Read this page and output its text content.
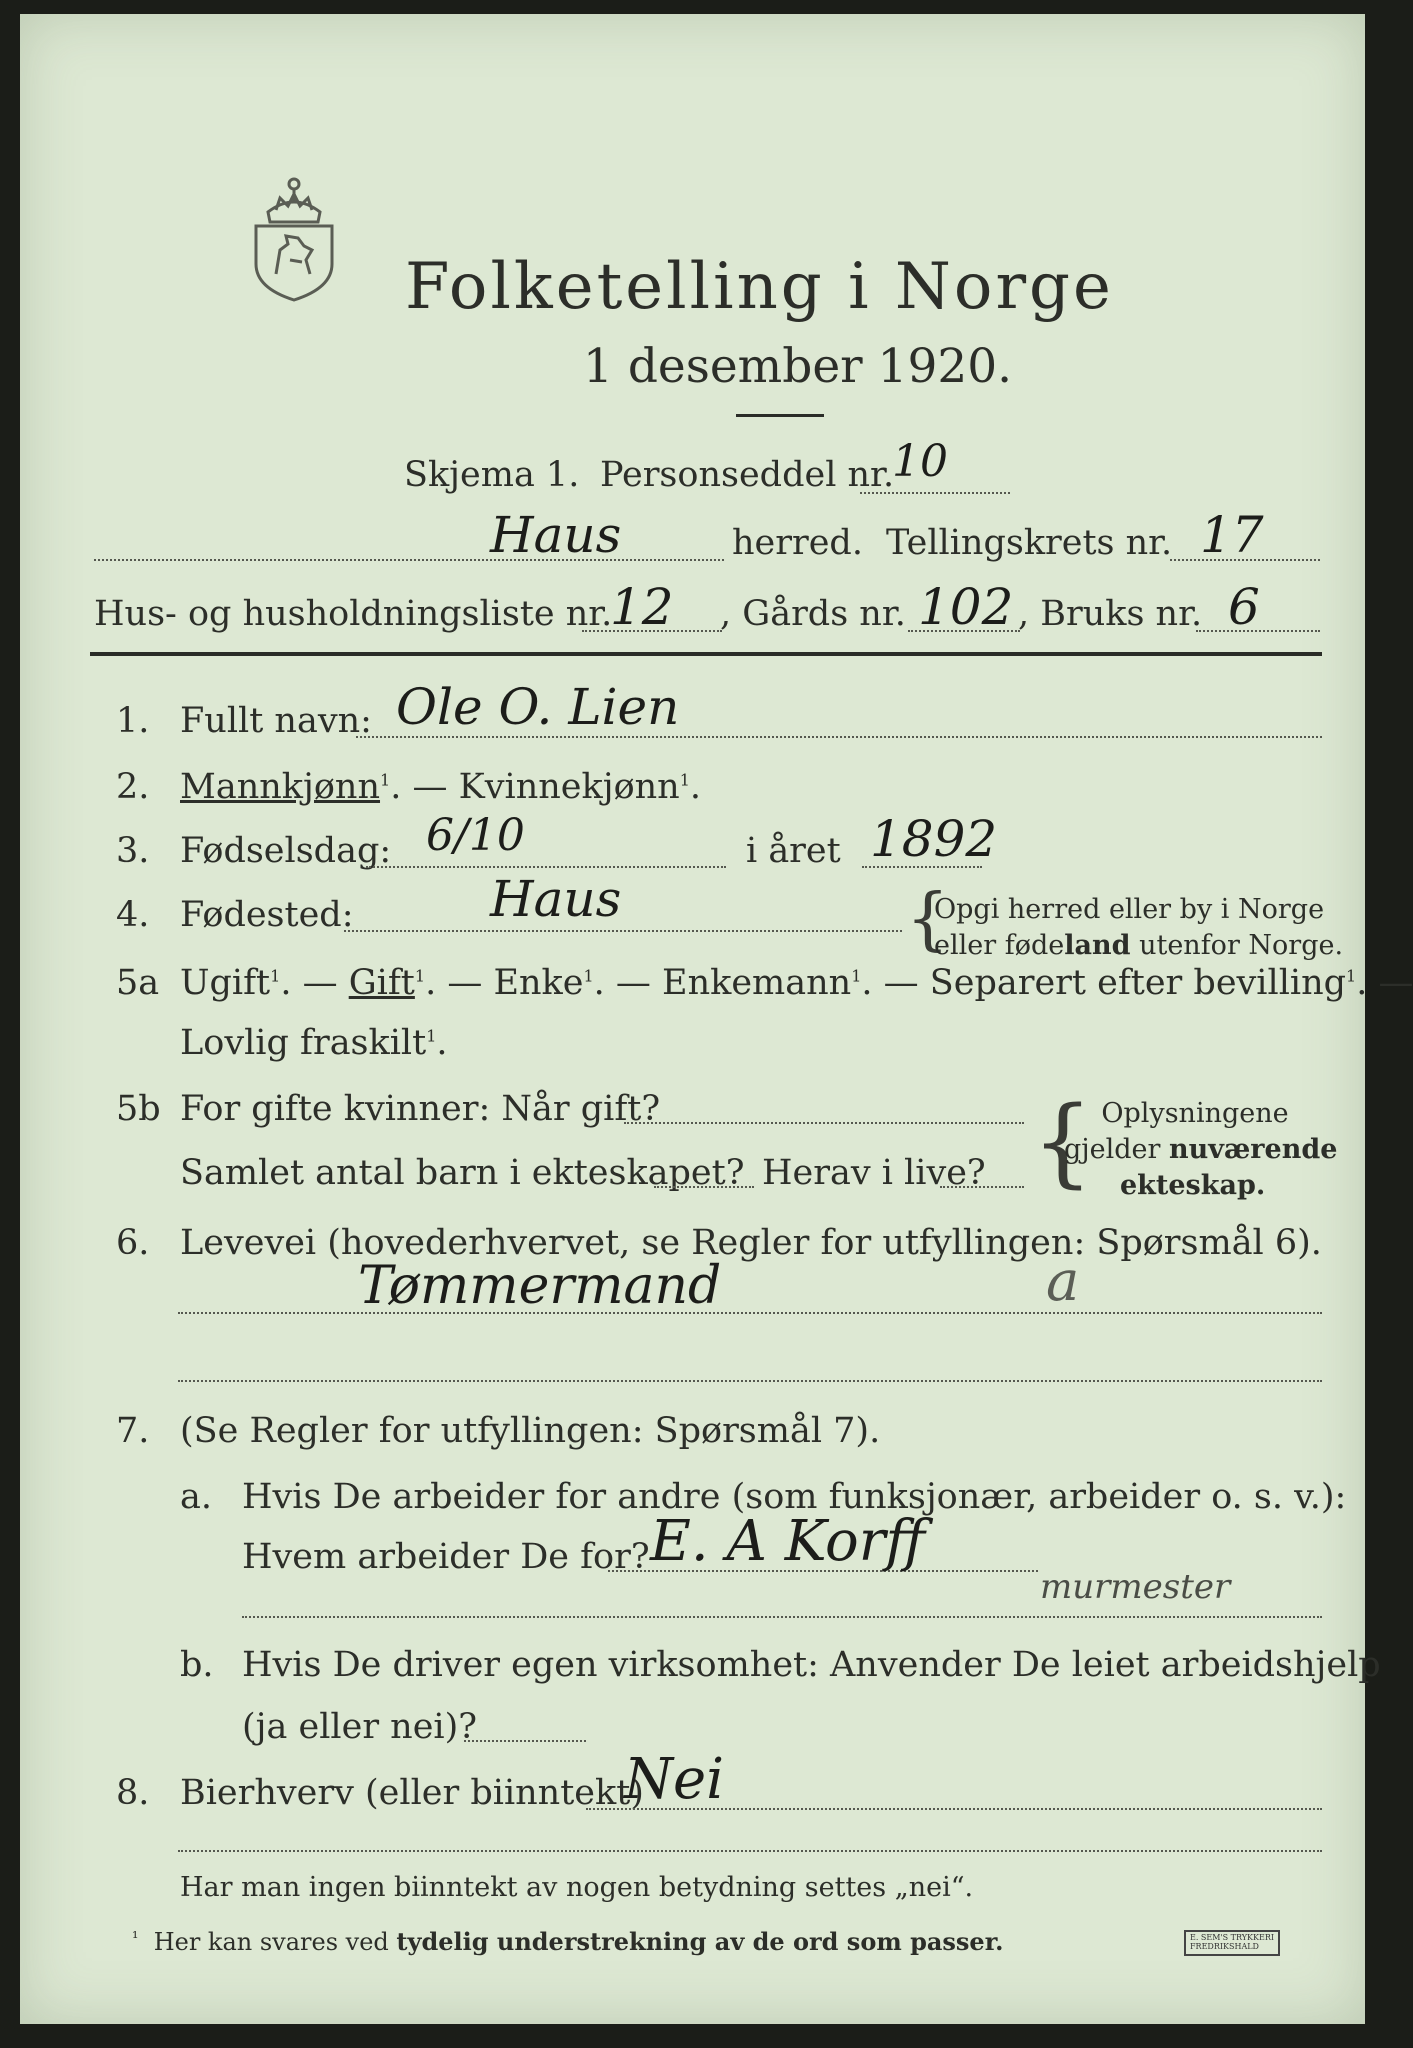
Folketelling i Norge
1 desember 1920.
Skjema 1. Personseddel nr.
10
Haus	herred. Tellingskrets nr. 17
Hus- og husholdningsliste nr.
12 , Gårds nr. 102 , Bruks nr. 6
1. Fullt navn: Ole O. Lien
2. Mannkjønn$^1$. — Kvinnekjønn$^1$.
3. Fødselsdag: 6/10	i året 1892
4. Fødested:	Haus	{
Opgi herred eller by i Norge
eller fødeland utenfor Norge.
5a Ugift$^1$. — Gift$^1$. — Enke$^1$. — Enkemann$^1$. — Separert efter bevilling$^1$. —
Lovlig fraskilt$^1$.
5b For gifte kvinner: Når gift?
Samlet antal barn i ekteskapet? Herav i live? { Oplysningene
gjelder nuværende
ekteskap.
6. Levevei (hovederhvervet, se Regler for utfyllingen: Spørsmål 6).
Tømmermand	a
7. (Se Regler for utfyllingen: Spørsmål 7).
a. Hvis De arbeider for andre (som funksjonær, arbeider o. s. v.):
Hvem arbeider De for? E. A Korff
murmester
b. Hvis De driver egen virksomhet: Anvender De leiet arbeidshjelp
(ja eller nei)?
8. Bierhverv (eller biinntekt)
Nei
Har man ingen biinntekt av nogen betydning settes „nei“.
$^{^1}$ Her kan svares ved tydelig understrekning av de ord som passer.	E. SEM'S TRYKKERI
FREDRIKSHALD
